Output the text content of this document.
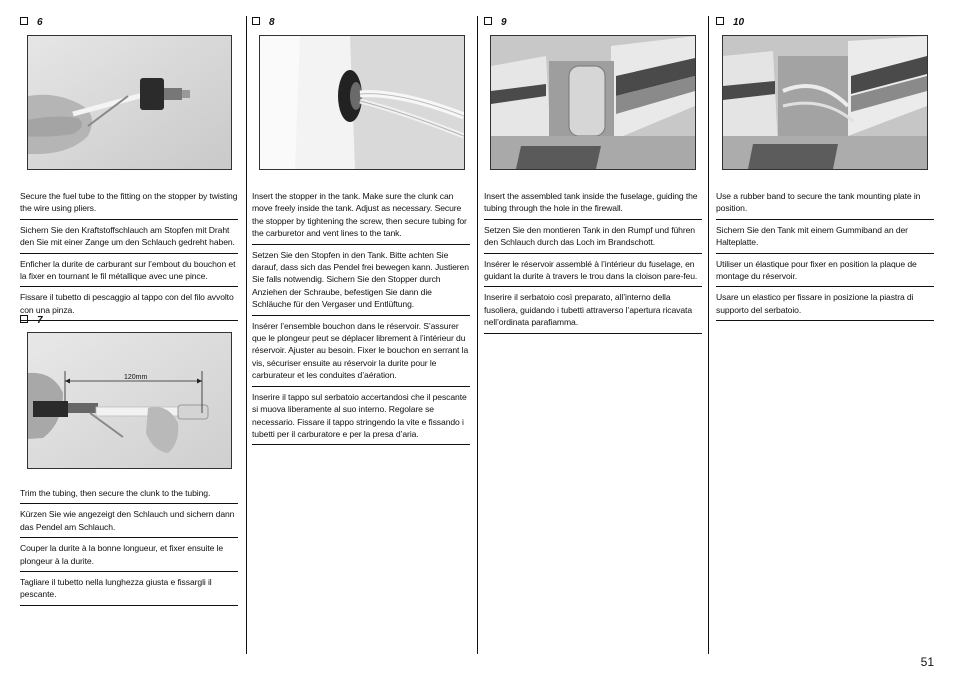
6

Secure the fuel tube to the fitting on the stopper by twisting the wire using pliers.

Sichern Sie den Kraftstoffschlauch am Stopfen mit Draht den Sie mit einer Zange um den Schlauch gedreht haben.

Enficher la durite de carburant sur l’embout du bouchon et la fixer en tournant le fil métallique avec une pince.

Fissare il tubetto di pescaggio al tappo con del filo avvolto con una pinza.

7
120mm

Trim the tubing, then secure the clunk to the tubing.

Kürzen Sie wie angezeigt den Schlauch und sichern dann das Pendel am Schlauch.

Couper la durite à la bonne longueur, et fixer ensuite le plongeur à la durite.

Tagliare il tubetto nella lunghezza giusta e fissargli il pescante.

8

Insert the stopper in the tank. Make sure the clunk can move freely inside the tank. Adjust as necessary. Secure the stopper by tightening the screw, then secure tubing for the carburetor and vent lines to the tank.

Setzen Sie den Stopfen in den Tank. Bitte achten Sie darauf, dass sich das Pendel frei bewegen kann. Justieren Sie falls notwendig. Sichern Sie den Stopper durch Anziehen der Schraube, befestigen Sie dann die Schläuche für den Vergaser und Entlüftung.

Insérer l’ensemble bouchon dans le réservoir. S’assurer que le plongeur peut se déplacer librement à l’intérieur du réservoir. Ajuster au besoin. Fixer le bouchon en serrant la vis, sécuriser ensuite au réservoir la durite pour le carburateur et les conduites d’aération.

Inserire il tappo sul serbatoio accertandosi che il pescante si muova liberamente al suo interno. Regolare se necessario. Fissare il tappo stringendo la vite e fissando i tubetti per il carburatore e per la presa d’aria.

9

Insert the assembled tank inside the fuselage, guiding the tubing through the hole in the firewall.

Setzen Sie den montieren Tank in den Rumpf und führen den Schlauch durch das Loch im Brandschott.

Insérer le réservoir assemblé à l’intérieur du fuselage, en guidant la durite à travers le trou dans la cloison pare-feu.

Inserire il serbatoio così preparato, all’interno della fusoliera, guidando i tubetti attraverso l’apertura ricavata nell’ordinata parafiamma.

10

Use a rubber band to secure the tank mounting plate in position.

Sichern Sie den Tank mit einem Gummiband an der Halteplatte.

Utiliser un élastique pour fixer en position la plaque de montage du réservoir.

Usare un elastico per fissare in posizione la piastra di supporto del serbatoio.

51
